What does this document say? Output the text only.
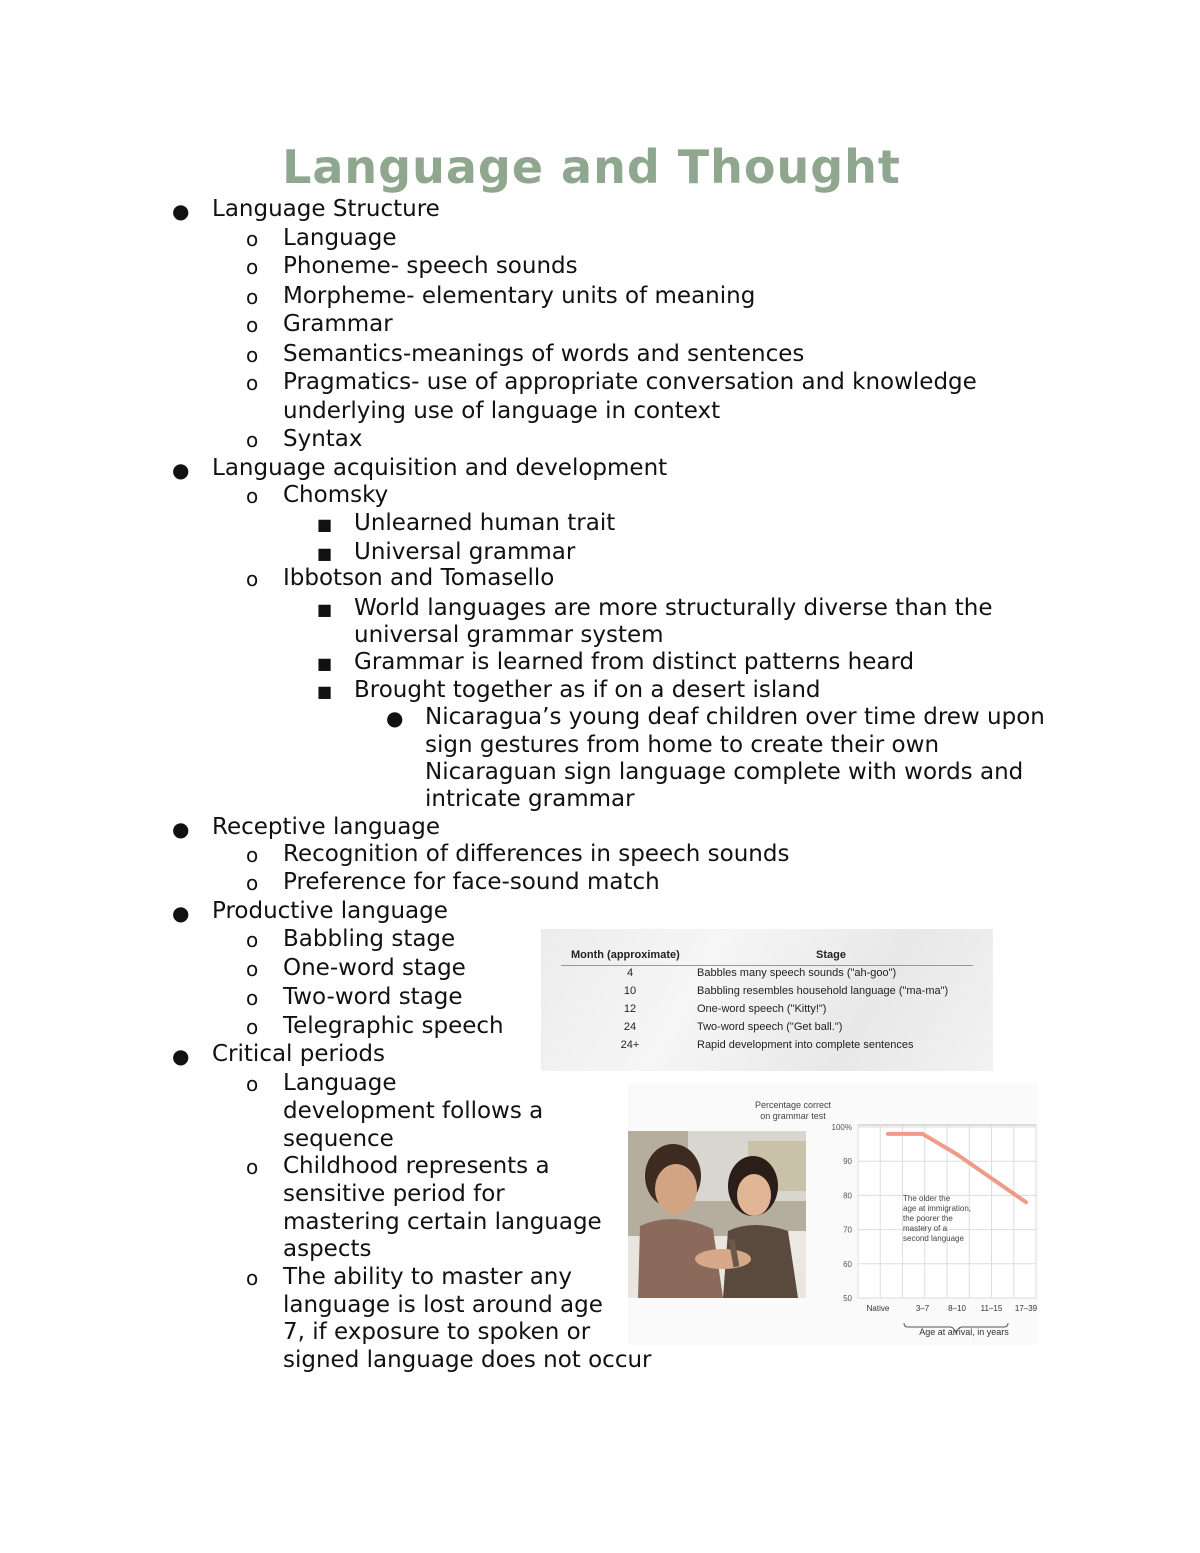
Language and Thought
● Language Structure
o Language
o Phoneme- speech sounds
o Morpheme- elementary units of meaning
o Grammar
o Semantics-meanings of words and sentences
o Pragmatics- use of appropriate conversation and knowledge
underlying use of language in context
o Syntax
● Language acquisition and development
o Chomsky
■ Unlearned human trait
■ Universal grammar
o Ibbotson and Tomasello
■ World languages are more structurally diverse than the
universal grammar system
■ Grammar is learned from distinct patterns heard
■ Brought together as if on a desert island
● Nicaragua’s young deaf children over time drew upon
sign gestures from home to create their own
Nicaraguan sign language complete with words and
intricate grammar
● Receptive language
o Recognition of differences in speech sounds
o Preference for face-sound match
● Productive language
o Babbling stage
o One-word stage
o Two-word stage
o Telegraphic speech
● Critical periods
o Language
development follows a
sequence
o Childhood represents a
sensitive period for
mastering certain language
aspects
o The ability to master any
language is lost around age
7, if exposure to spoken or
signed language does not occur
Month (approximate)	Stage
4	Babbles many speech sounds ("ah-goo")
10	Babbling resembles household language ("ma-ma")
12	One-word speech ("Kitty!")
24	Two-word speech ("Get ball.")
24+	Rapid development into complete sentences
Percentage correct
on grammar test
100%
90
80
70
60
50
Native	3–7 8–10 11–15 17–39
The older the
age at immigration,
the poorer the
mastery of a
second language
Age at arrival, in years
